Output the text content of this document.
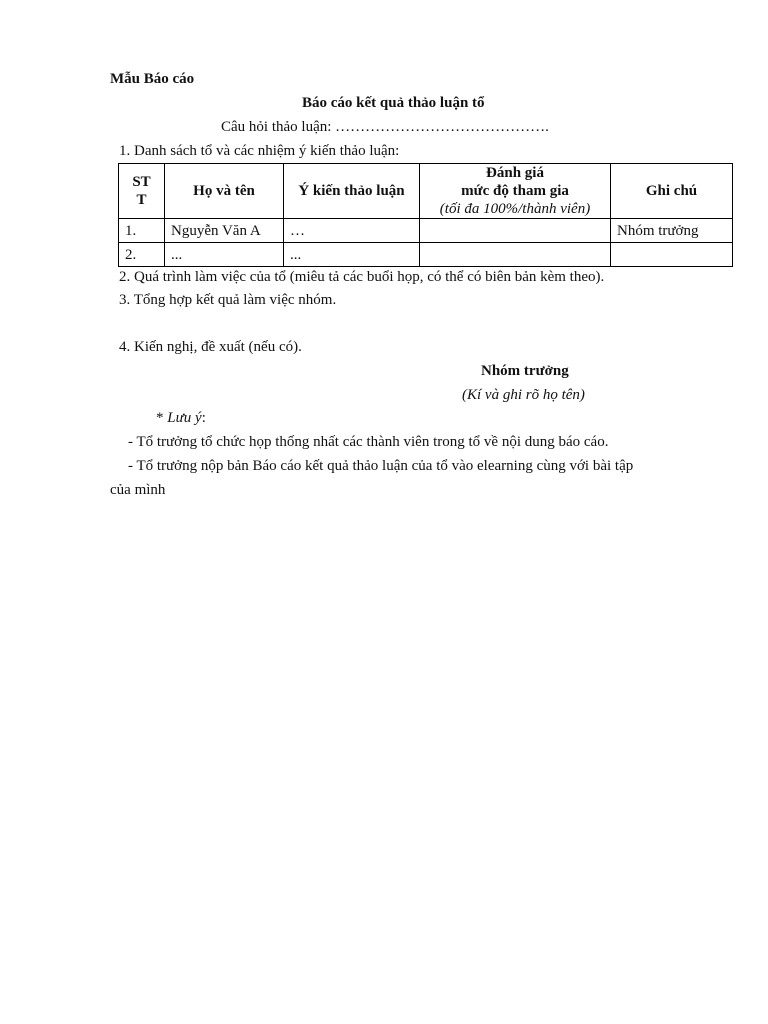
Mẫu Báo cáo
Báo cáo kết quả thảo luận tổ
Câu hỏi thảo luận: …………………………………….
1. Danh sách tổ và các nhiệm ý kiến thảo luận:
ST T	Họ và tên	Ý kiến thảo luận	Đánh giá
mức độ tham gia
(tối đa 100%/thành viên)	Ghi chú
1.	Nguyễn Văn A	…		Nhóm trưởng
2.	...	...		
2. Quá trình làm việc của tổ (miêu tả các buổi họp, có thể có biên bản kèm theo).
3. Tổng hợp kết quả làm việc nhóm.
4. Kiến nghị, đề xuất (nếu có).
Nhóm trưởng
(Kí và ghi rõ họ tên)
* Lưu ý:
- Tổ trưởng tổ chức họp thống nhất các thành viên trong tổ về nội dung báo cáo.
- Tổ trưởng nộp bản Báo cáo kết quả thảo luận của tổ vào elearning cùng với bài tập
của mình
